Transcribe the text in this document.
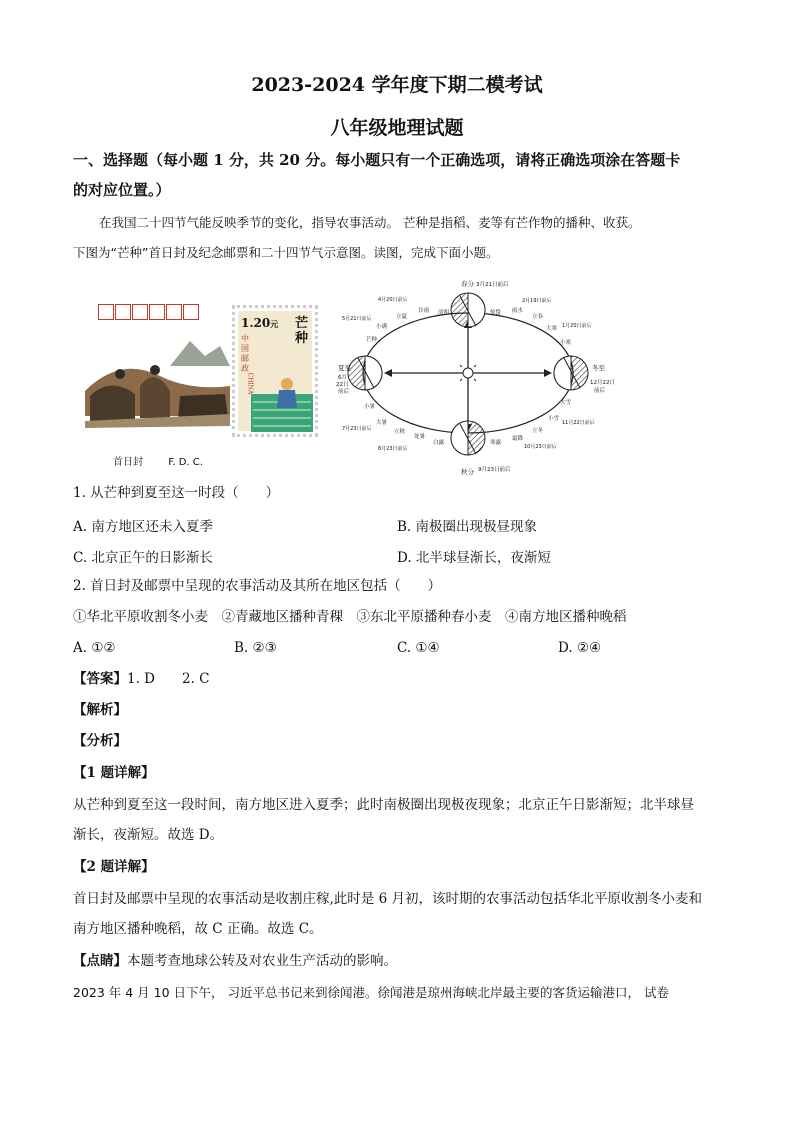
2023-2024 学年度下期二模考试
八年级地理试题
一、选择题（每小题 1 分，共 20 分。每小题只有一个正确选项，请将正确选项涂在答题卡
的对应位置。）
在我国二十四节气能反映季节的变化，指导农事活动。 芒种是指稻、麦等有芒作物的播种、收获。
下图为“芒种”首日封及纪念邮票和二十四节气示意图。读图，完成下面小题。
首日封	F. D. C.
1.20元
中国邮政
CHINA
芒种
春分 3月21日前后
夏至
6月
22日
前后
秋分 9月23日前后
冬至
12月22日
前后
清明
谷雨
立夏
小满
芒种
惊蛰 雨水
立春
大寒
小寒
小暑
大暑
立秋
处暑
白露	寒露
霜降
立冬
小雪
大雪
4月20日前后
5月21日前后
2月19日前后
1月20日前后
7月23日前后
8月23日前后	10月23日前后
11月22日前后
1. 从芒种到夏至这一时段（　　）
A. 南方地区还未入夏季	B. 南极圈出现极昼现象
C. 北京正午的日影渐长	D. 北半球昼渐长，夜渐短
2. 首日封及邮票中呈现的农事活动及其所在地区包括（　　）
①华北平原收割冬小麦　②青藏地区播种青稞　③东北平原播种春小麦　④南方地区播种晚稻
A. ①②	B. ②③	C. ①④	D. ②④
【答案】1. D　　2. C
【解析】
【分析】
【1 题详解】
从芒种到夏至这一段时间，南方地区进入夏季；此时南极圈出现极夜现象；北京正午日影渐短；北半球昼
渐长，夜渐短。故选 D。
【2 题详解】
首日封及邮票中呈现的农事活动是收割庄稼,此时是 6 月初，该时期的农事活动包括华北平原收割冬小麦和
南方地区播种晚稻，故 C 正确。故选 C。
【点睛】本题考查地球公转及对农业生产活动的影响。
2023 年 4 月 10 日下午， 习近平总书记来到徐闻港。徐闻港是琼州海峡北岸最主要的客货运输港口， 试卷
